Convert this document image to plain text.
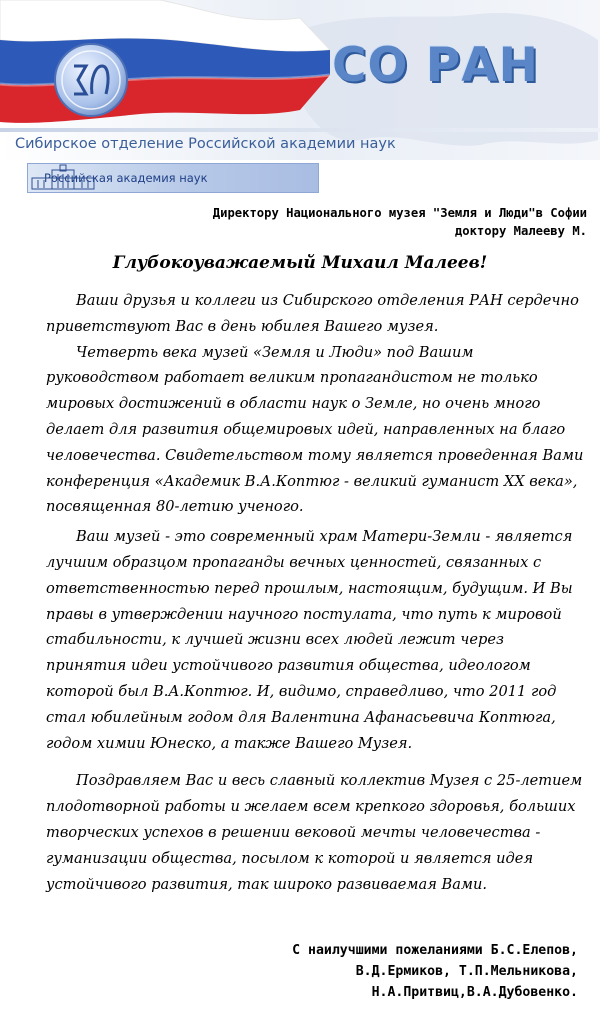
СО РАН
Сибирское отделение Российской академии наук
Российская академия наук
Директору Национального музея "Земля и Люди"в Софии
доктору Малееву М.
Глубокоуважаемый Михаил Малеев!

Ваши друзья и коллеги из Сибирского отделения РАН сердечно приветствуют Вас в день юбилея Вашего музея.

Четверть века музей «Земля и Люди» под Вашим руководством работает великим пропагандистом не только мировых достижений в области наук о Земле, но очень много делает для развития общемировых идей, направленных на благо человечества. Свидетельством тому является проведенная Вами конференция «Академик В.А.Коптюг - великий гуманист XX века», посвященная 80-летию ученого.

Ваш музей - это современный храм Матери-Земли - является лучшим образцом пропаганды вечных ценностей, связанных с ответственностью перед прошлым, настоящим, будущим. И Вы правы в утверждении научного постулата, что путь к мировой стабильности, к лучшей жизни всех людей лежит через принятия идеи устойчивого развития общества, идеологом которой был В.А.Коптюг. И, видимо, справедливо, что 2011 год стал юбилейным годом для Валентина Афанасьевича Коптюга, годом химии Юнеско, а также Вашего Музея.

Поздравляем Вас и весь славный коллектив Музея с 25-летием плодотворной работы и желаем всем крепкого здоровья, больших творческих успехов в решении вековой мечты человечества - гуманизации общества, посылом к которой и является идея устойчивого развития, так широко развиваемая Вами.

С наилучшими пожеланиями Б.С.Елепов,
В.Д.Ермиков, Т.П.Мельникова,
Н.А.Притвиц,В.А.Дубовенко.
